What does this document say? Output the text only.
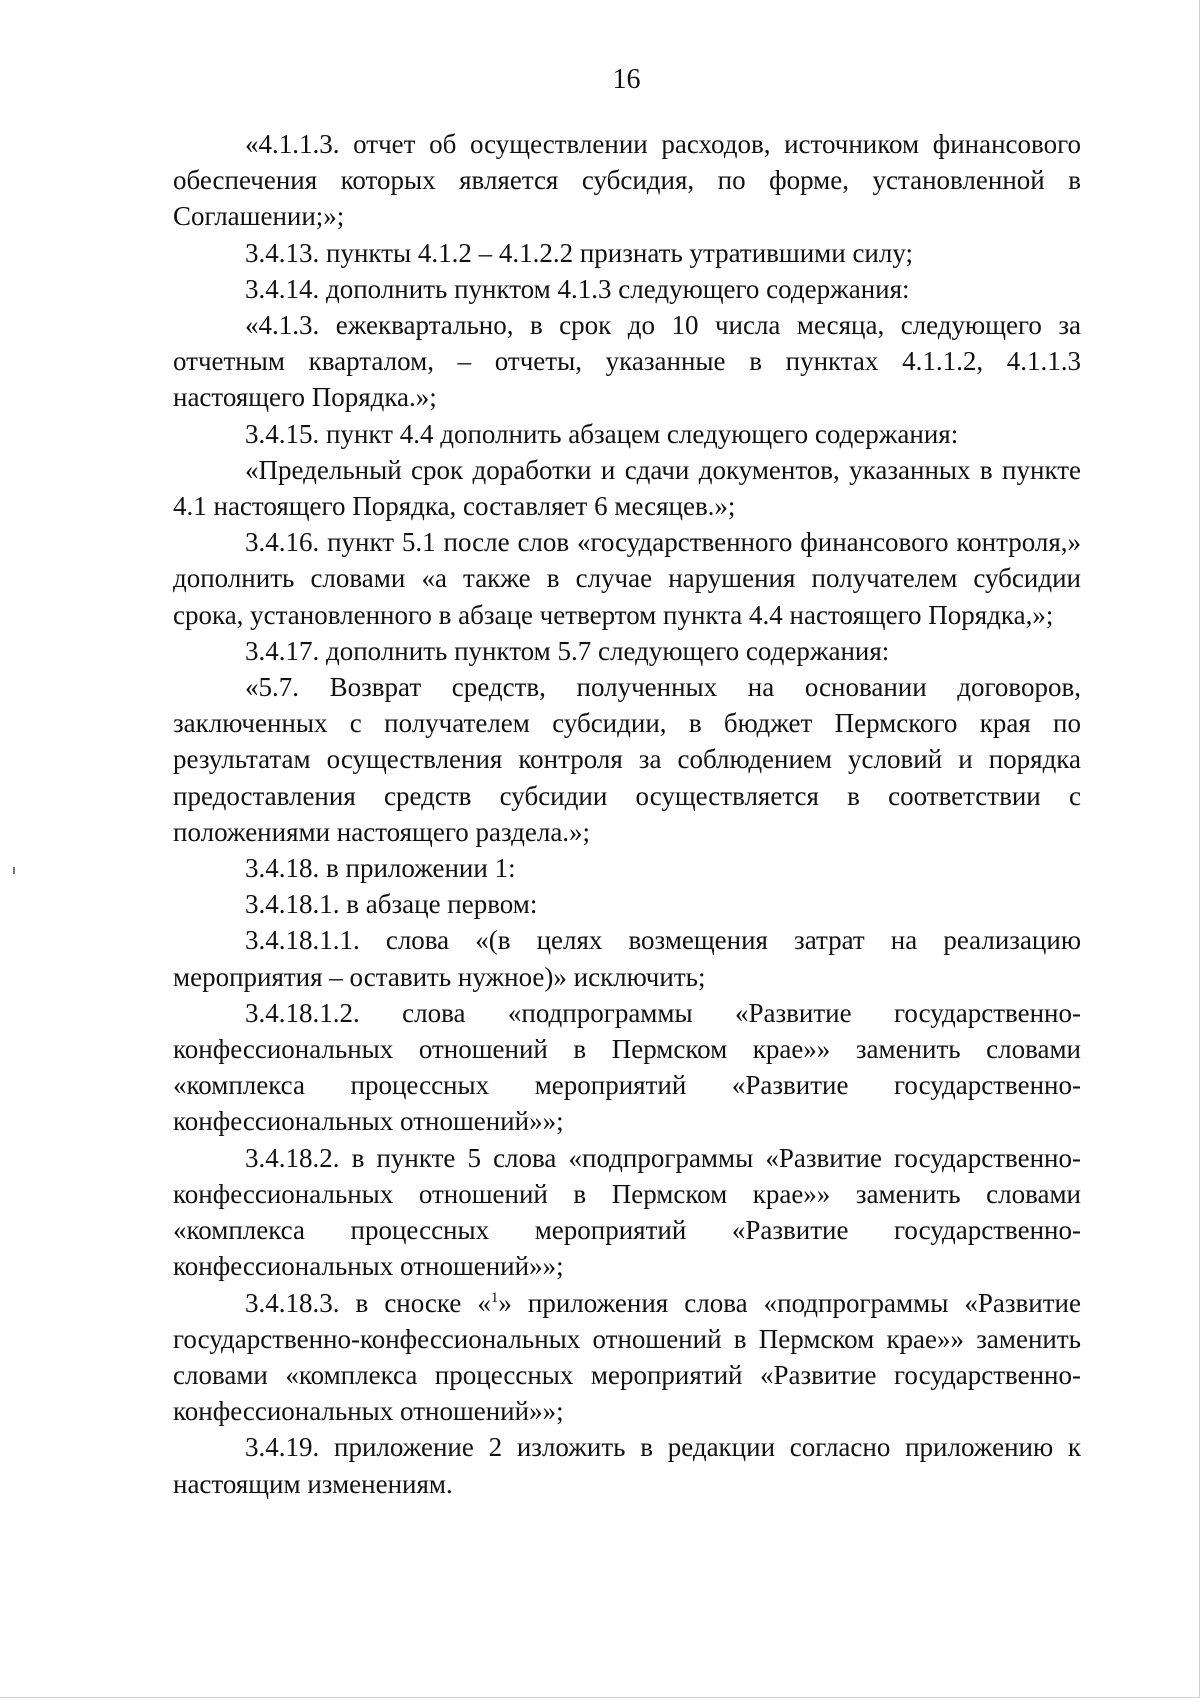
16

«4.1.1.3. отчет об осуществлении расходов, источником финансового обеспечения которых является субсидия, по форме, установленной в Соглашении;»;

3.4.13. пункты 4.1.2 – 4.1.2.2 признать утратившими силу;

3.4.14. дополнить пунктом 4.1.3 следующего содержания:

«4.1.3. ежеквартально, в срок до 10 числа месяца, следующего за отчетным кварталом, – отчеты, указанные в пунктах 4.1.1.2, 4.1.1.3 настоящего Порядка.»;

3.4.15. пункт 4.4 дополнить абзацем следующего содержания:

«Предельный срок доработки и сдачи документов, указанных в пункте 4.1 настоящего Порядка, составляет 6 месяцев.»;

3.4.16. пункт 5.1 после слов «государственного финансового контроля,» дополнить словами «а также в случае нарушения получателем субсидии срока, установленного в абзаце четвертом пункта 4.4 настоящего Порядка,»;

3.4.17. дополнить пунктом 5.7 следующего содержания:

«5.7. Возврат средств, полученных на основании договоров, заключенных с получателем субсидии, в бюджет Пермского края по результатам осуществления контроля за соблюдением условий и порядка предоставления средств субсидии осуществляется в соответствии с положениями настоящего раздела.»;

3.4.18. в приложении 1:

3.4.18.1. в абзаце первом:

3.4.18.1.1. слова «(в целях возмещения затрат на реализацию мероприятия – оставить нужное)» исключить;

3.4.18.1.2. слова «подпрограммы «Развитие государственно-конфессиональных отношений в Пермском крае»» заменить словами «комплекса процессных мероприятий «Развитие государственно-конфессиональных отношений»»;

3.4.18.2. в пункте 5 слова «подпрограммы «Развитие государственно-конфессиональных отношений в Пермском крае»» заменить словами «комплекса процессных мероприятий «Развитие государственно-конфессиональных отношений»»;

3.4.18.3. в сноске «$^1$» приложения слова «подпрограммы «Развитие государственно-конфессиональных отношений в Пермском крае»» заменить словами «комплекса процессных мероприятий «Развитие государственно-конфессиональных отношений»»;

3.4.19. приложение 2 изложить в редакции согласно приложению к настоящим изменениям.
